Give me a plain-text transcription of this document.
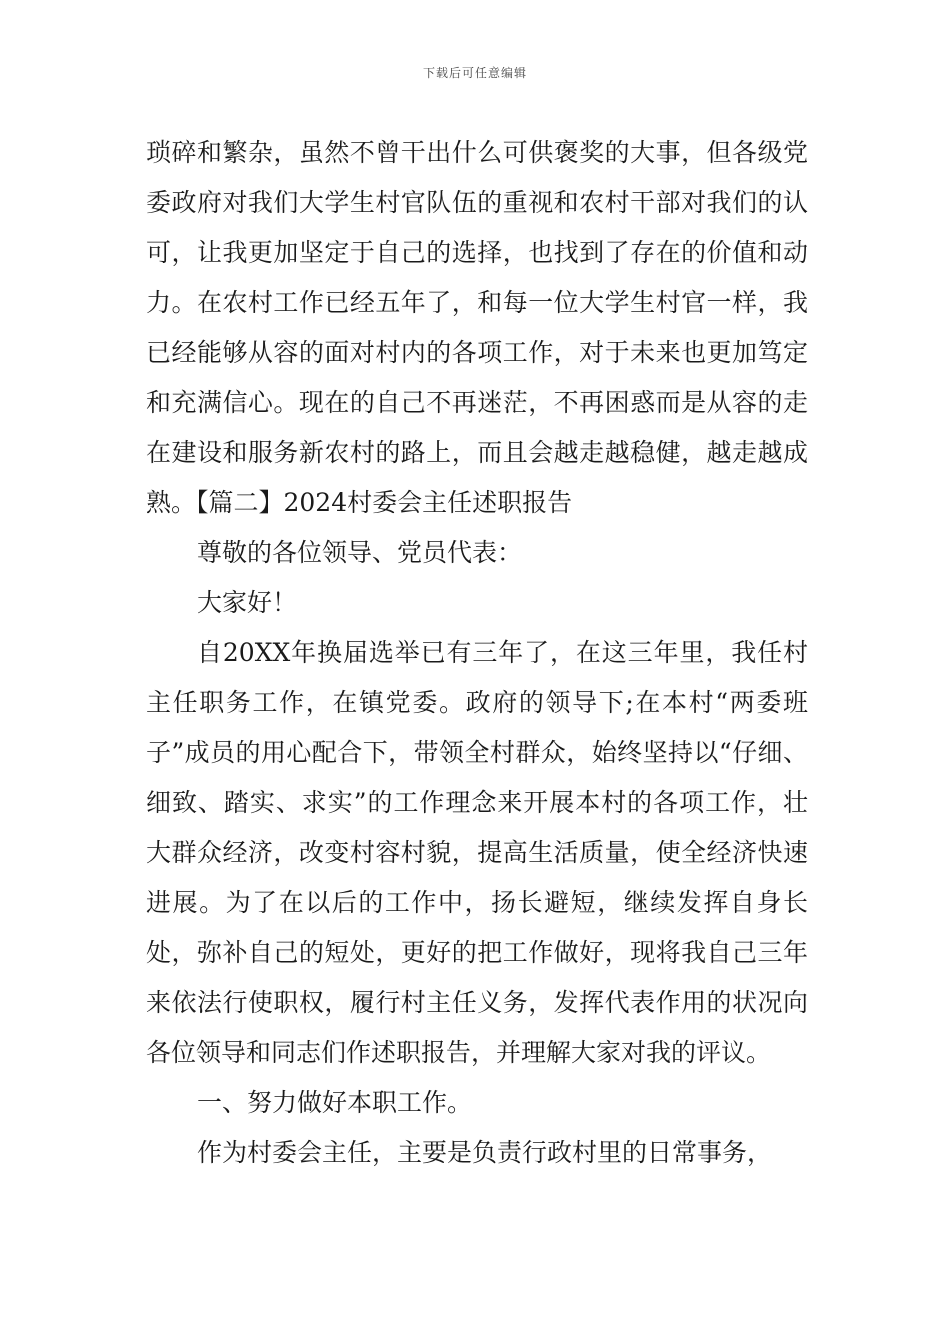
下载后可任意编辑

琐碎和繁杂，虽然不曾干出什么可供褒奖的大事，但各级党委政府对我们大学生村官队伍的重视和农村干部对我们的认可，让我更加坚定于自己的选择，也找到了存在的价值和动力。在农村工作已经五年了，和每一位大学生村官一样，我已经能够从容的面对村内的各项工作，对于未来也更加笃定和充满信心。现在的自己不再迷茫，不再困惑而是从容的走在建设和服务新农村的路上，而且会越走越稳健，越走越成熟。【篇二】2024村委会主任述职报告

尊敬的各位领导、党员代表：

大家好！

自20XX年换届选举已有三年了，在这三年里，我任村主任职务工作，在镇党委。政府的领导下;在本村“两委班子”成员的用心配合下，带领全村群众，始终坚持以“仔细、细致、踏实、求实”的工作理念来开展本村的各项工作，壮大群众经济，改变村容村貌，提高生活质量，使全经济快速进展。为了在以后的工作中，扬长避短，继续发挥自身长处，弥补自己的短处，更好的把工作做好，现将我自己三年来依法行使职权，履行村主任义务，发挥代表作用的状况向各位领导和同志们作述职报告，并理解大家对我的评议。

一、努力做好本职工作。

作为村委会主任，主要是负责行政村里的日常事务，
